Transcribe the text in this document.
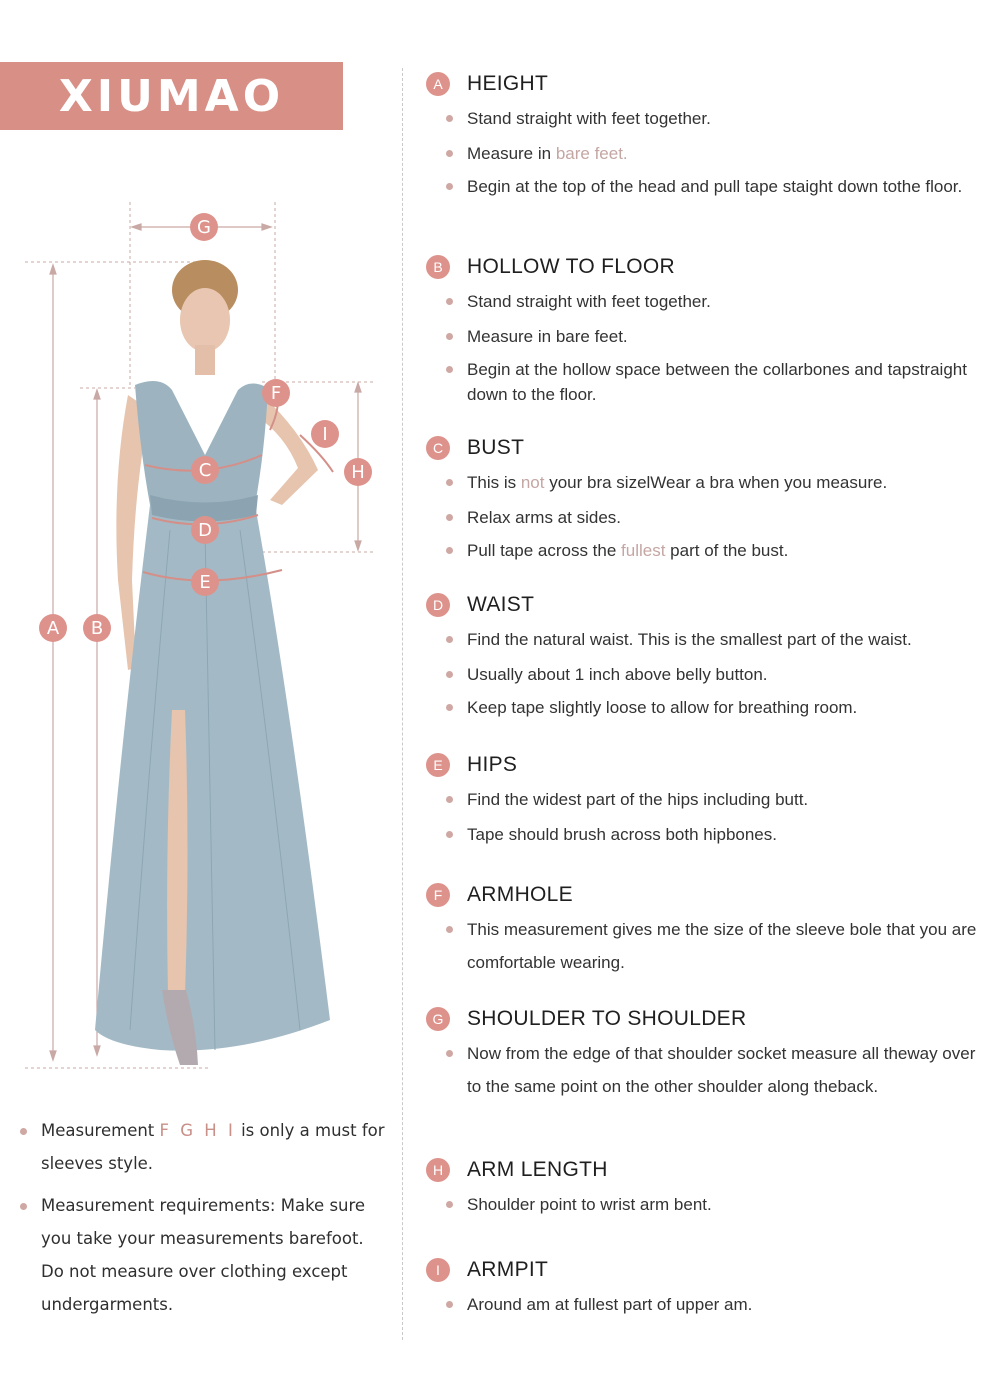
XIUMAO
A B
C
D
E
F
G
H
I
Measurement F G H I is only a must for sleeves style.
Measurement requirements: Make sure you take your measurements barefoot. Do not measure over clothing except undergarments.
A	HEIGHT
Stand straight with feet together.
Measure in bare feet.
Begin at the top of the head and pull tape staight down tothe floor.
B	HOLLOW TO FLOOR
Stand straight with feet together.
Measure in bare feet.
Begin at the hollow space between the collarbones and tapstraight down to the floor.
C	BUST
This is not your bra sizelWear a bra when you measure.
Relax arms at sides.
Pull tape across the fullest part of the bust.
D	WAIST
Find the natural waist. This is the smallest part of the waist.
Usually about 1 inch above belly button.
Keep tape slightly loose to allow for breathing room.
E	HIPS
Find the widest part of the hips including butt.
Tape should brush across both hipbones.
F	ARMHOLE
This measurement gives me the size of the sleeve bole that you are comfortable wearing.
G	SHOULDER TO SHOULDER
Now from the edge of that shoulder socket measure all theway over to the same point on the other shoulder along theback.
H	ARM LENGTH
Shoulder point to wrist arm bent.
I	ARMPIT
Around am at fullest part of upper am.
